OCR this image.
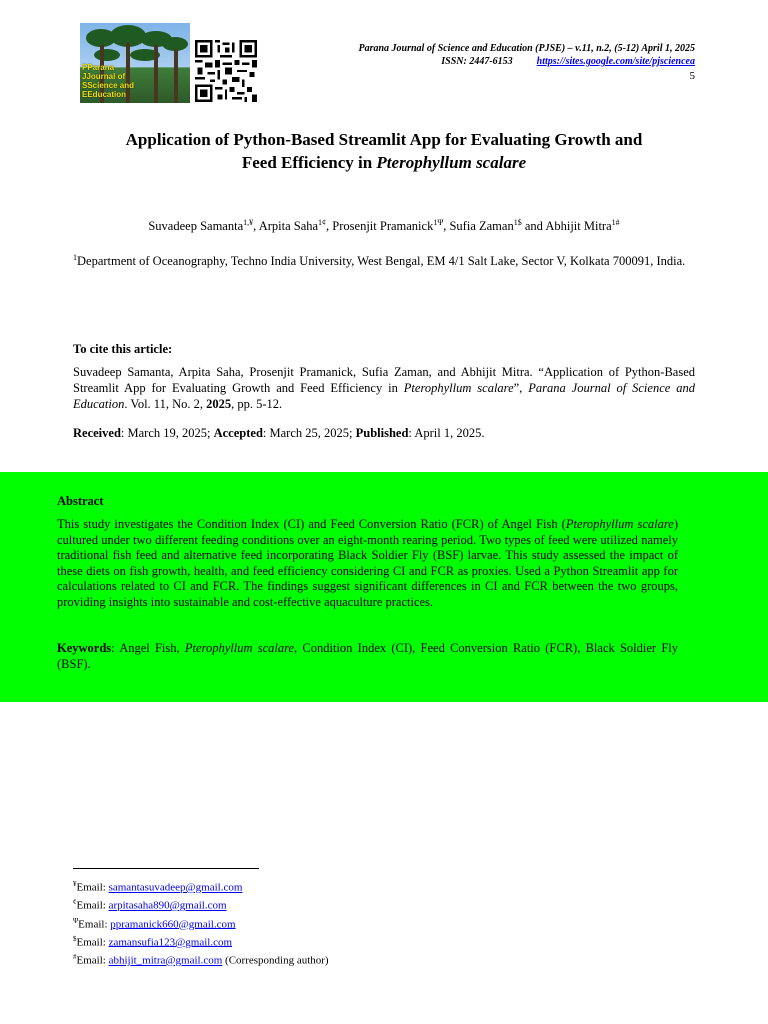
PParana
JJournal of
SScience and
EEducation
Parana Journal of Science and Education (PJSE) – v.11, n.2, (5-12) April 1, 2025
ISSN: 2447-6153 https://sites.google.com/site/pjsciencea
5
Application of Python-Based Streamlit App for Evaluating Growth and
Feed Efficiency in Pterophyllum scalare
Suvadeep Samanta$^{1,¥}$, Arpita Saha$^{1¢}$, Prosenjit Pramanick$^{1\Psi}$, Sufia Zaman$^{1\$}$ and Abhijit Mitra$^{1\#}$
$^1$Department of Oceanography, Techno India University, West Bengal, EM 4/1 Salt Lake, Sector V, Kolkata 700091, India.
To cite this article:
Suvadeep Samanta, Arpita Saha, Prosenjit Pramanick, Sufia Zaman, and Abhijit Mitra. “Application of Python-Based Streamlit App for Evaluating Growth and Feed Efficiency in Pterophyllum scalare”, Parana Journal of Science and Education. Vol. 11, No. 2, 2025, pp. 5-12.
Received: March 19, 2025; Accepted: March 25, 2025; Published: April 1, 2025.
Abstract
This study investigates the Condition Index (CI) and Feed Conversion Ratio (FCR) of Angel Fish (Pterophyllum scalare) cultured under two different feeding conditions over an eight-month rearing period. Two types of feed were utilized namely traditional fish feed and alternative feed incorporating Black Soldier Fly (BSF) larvae. This study assessed the impact of these diets on fish growth, health, and feed efficiency considering CI and FCR as proxies. Used a Python Streamlit app for calculations related to CI and FCR. The findings suggest significant differences in CI and FCR between the two groups, providing insights into sustainable and cost-effective aquaculture practices.
Keywords: Angel Fish, Pterophyllum scalare, Condition Index (CI), Feed Conversion Ratio (FCR), Black Soldier Fly (BSF).
¥Email: samantasuvadeep@gmail.com
¢Email: arpitasaha890@gmail.com
$^\Psi$Email: ppramanick660@gmail.com
$Email: zamansufia123@gmail.com
#Email: abhijit_mitra@gmail.com (Corresponding author)
